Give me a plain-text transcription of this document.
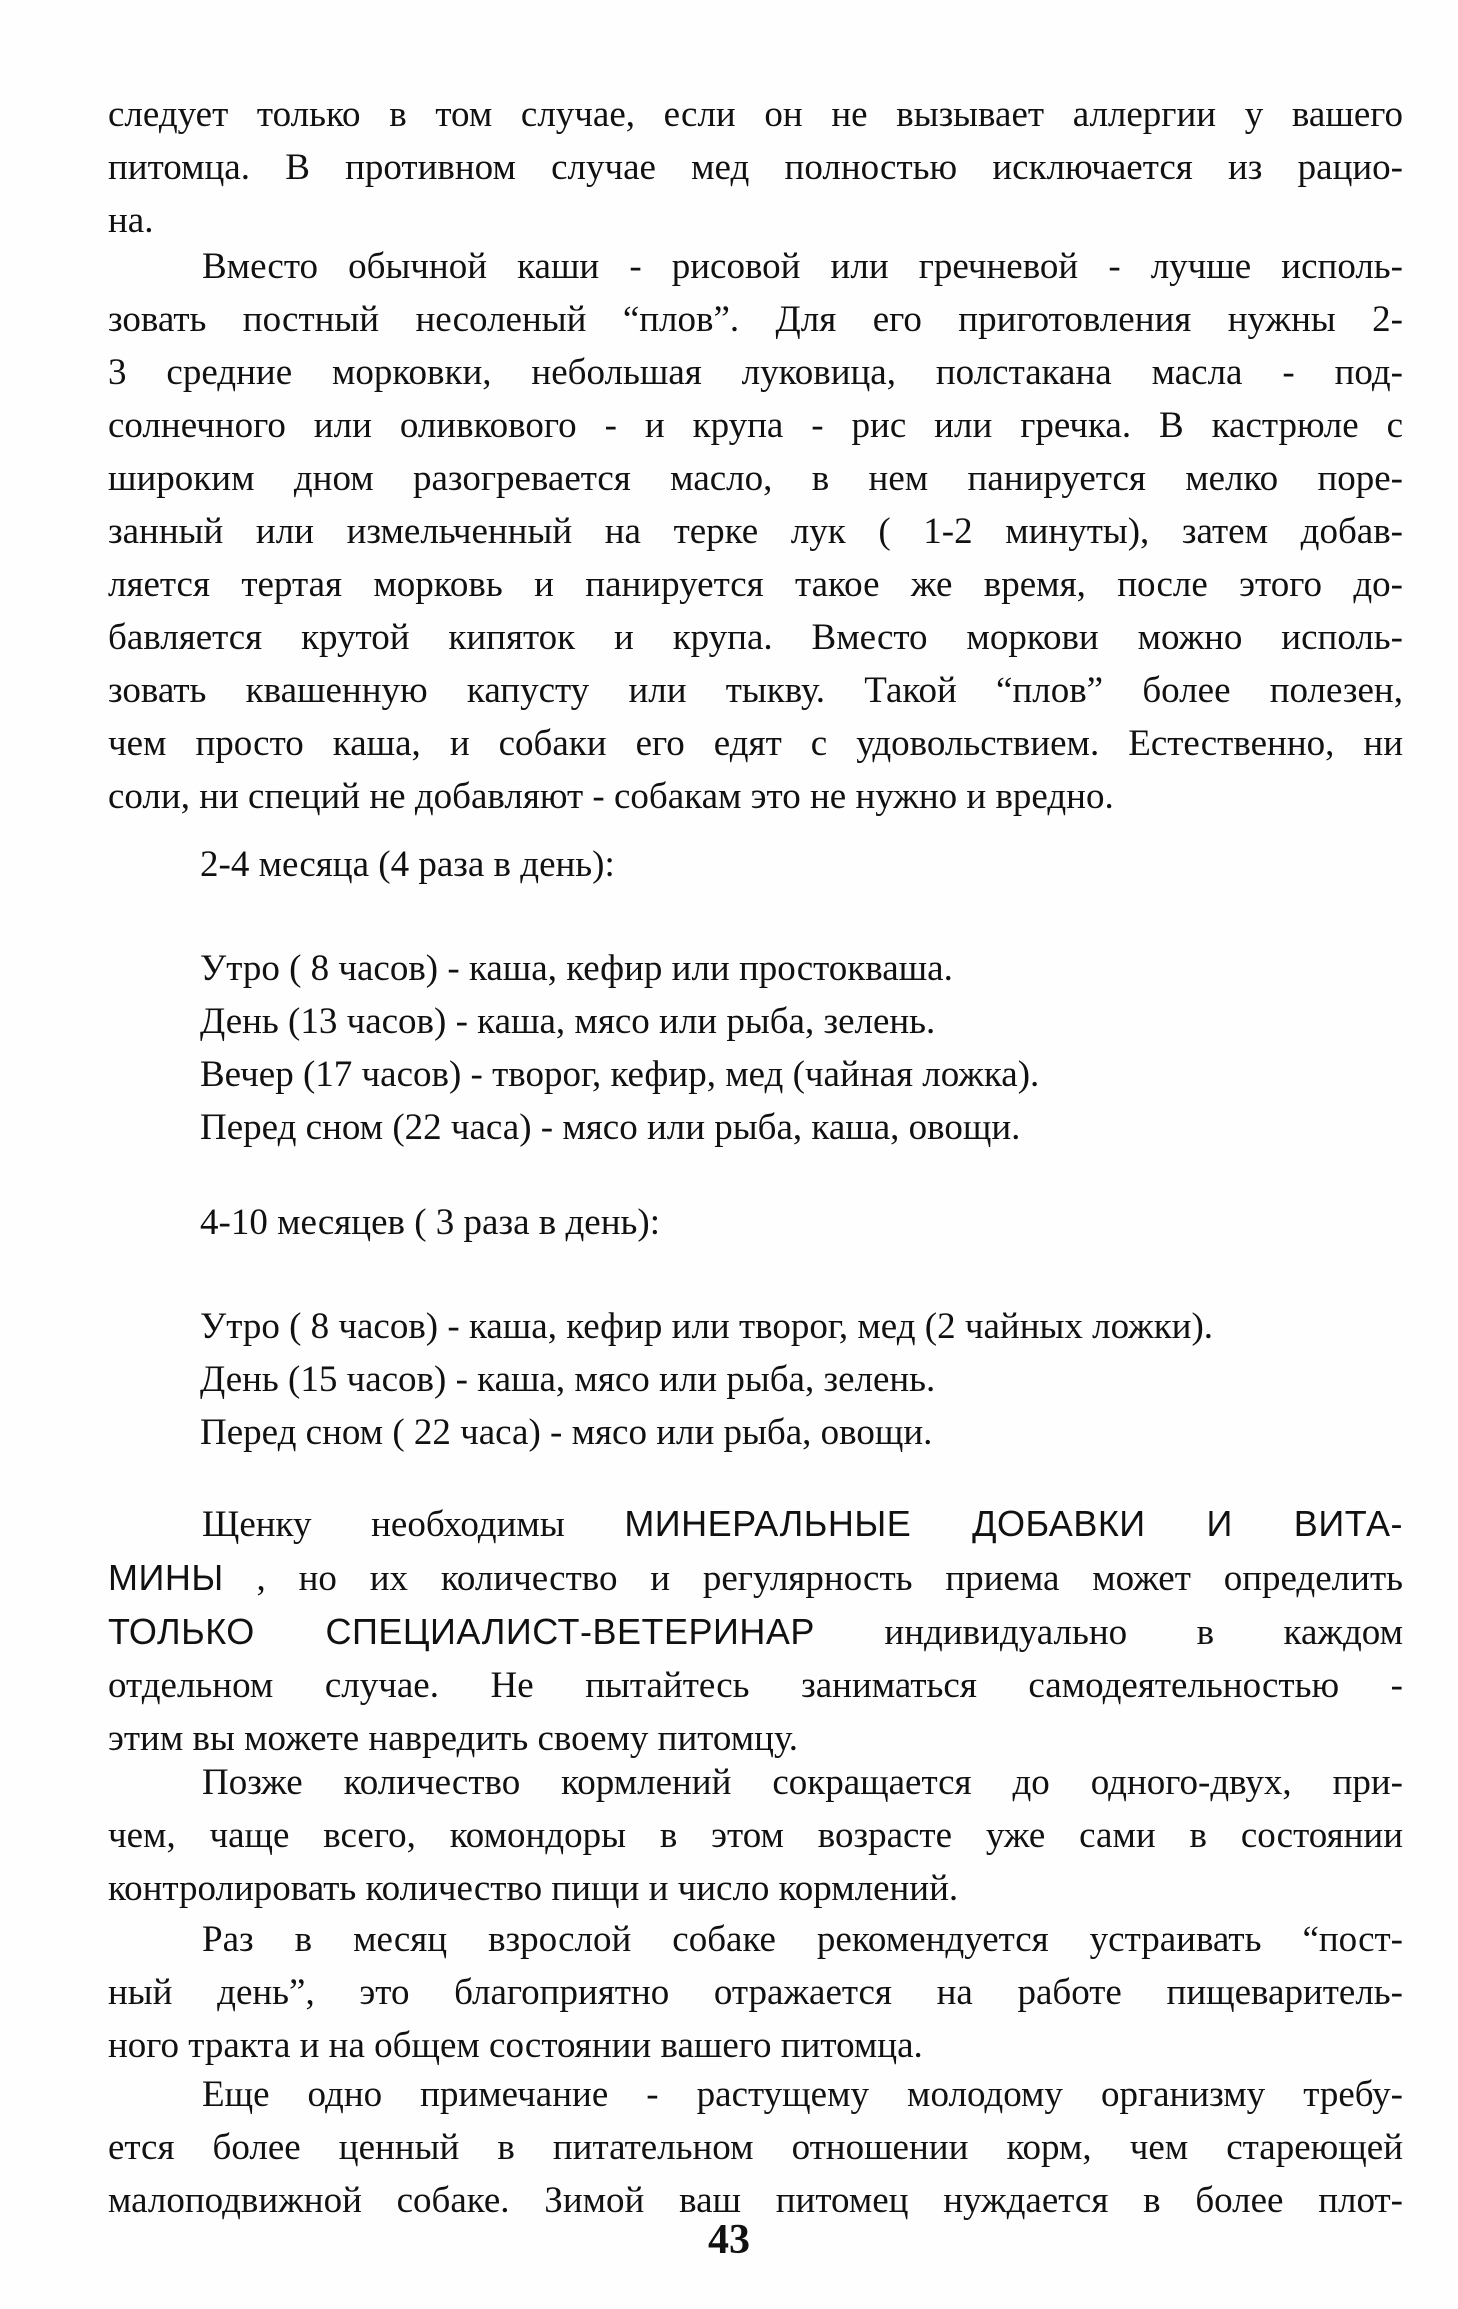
следует только в том случае, если он не вызывает аллергии у вашего
питомца. В противном случае мед полностью исключается из рацио-
на.
Вместо обычной каши - рисовой или гречневой - лучше исполь-
зовать постный несоленый “плов”. Для его приготовления нужны 2-
3 средние морковки, небольшая луковица, полстакана масла - под-
солнечного или оливкового - и крупа - рис или гречка. В кастрюле с
широким дном разогревается масло, в нем панируется мелко поре-
занный или измельченный на терке лук ( 1-2 минуты), затем добав-
ляется тертая морковь и панируется такое же время, после этого до-
бавляется крутой кипяток и крупа. Вместо моркови можно исполь-
зовать квашенную капусту или тыкву. Такой “плов” более полезен,
чем просто каша, и собаки его едят с удовольствием. Естественно, ни
соли, ни специй не добавляют - собакам это не нужно и вредно.
2-4 месяца (4 раза в день):
Утро ( 8 часов) - каша, кефир или простокваша.
День (13 часов) - каша, мясо или рыба, зелень.
Вечер (17 часов) - творог, кефир, мед (чайная ложка).
Перед сном (22 часа) - мясо или рыба, каша, овощи.
4-10 месяцев ( 3 раза в день):
Утро ( 8 часов) - каша, кефир или творог, мед (2 чайных ложки).
День (15 часов) - каша, мясо или рыба, зелень.
Перед сном ( 22 часа) - мясо или рыба, овощи.
Щенку необходимы МИНЕРАЛЬНЫЕ ДОБАВКИ И ВИТА-
МИНЫ , но их количество и регулярность приема может определить
ТОЛЬКО СПЕЦИАЛИСТ-ВЕТЕРИНАР индивидуально в каждом
отдельном случае. Не пытайтесь заниматься самодеятельностью -
этим вы можете навредить своему питомцу.
Позже количество кормлений сокращается до одного-двух, при-
чем, чаще всего, комондоры в этом возрасте уже сами в состоянии
контролировать количество пищи и число кормлений.
Раз в месяц взрослой собаке рекомендуется устраивать “пост-
ный день”, это благоприятно отражается на работе пищеваритель-
ного тракта и на общем состоянии вашего питомца.
Еще одно примечание - растущему молодому организму требу-
ется более ценный в питательном отношении корм, чем стареющей
малоподвижной собаке. Зимой ваш питомец нуждается в более плот-
43
